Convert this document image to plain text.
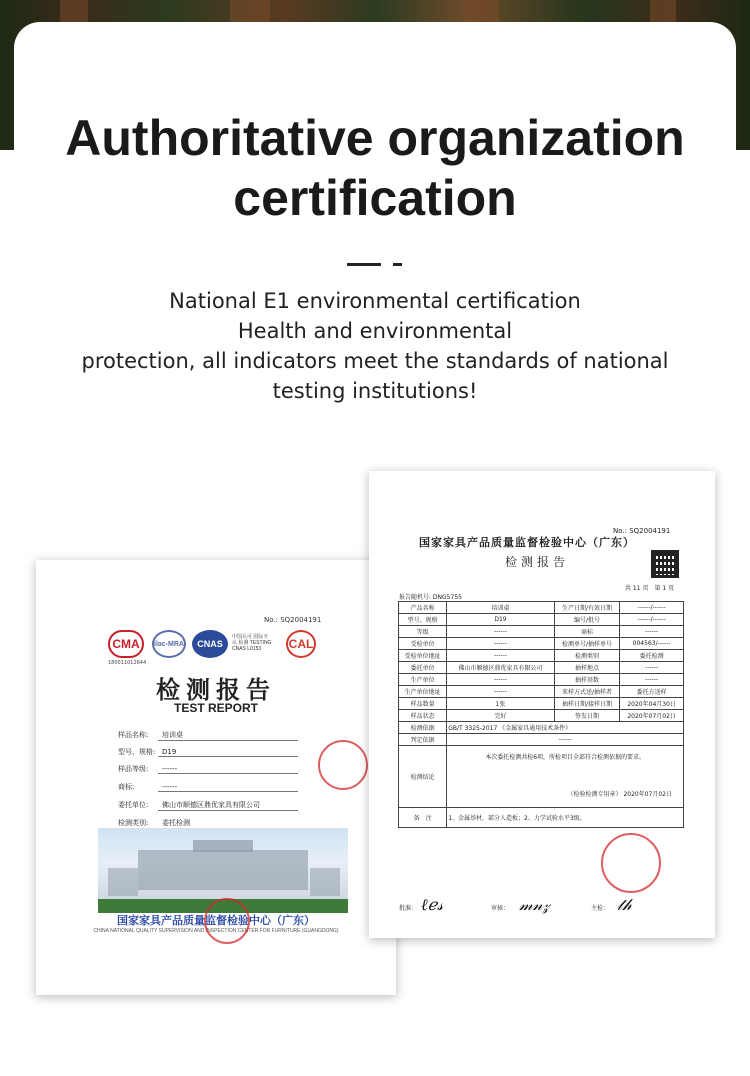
Authoritative organization
certification
National E1 environmental certification
Health and environmental
protection, all indicators meet the standards of national
testing institutions!
No.: SQ2004191
CMA	ilac-MRA	CNAS
中国认可 国际互认 检测 TESTING CNAS L0153	CAL
180011012644
检测报告
TEST REPORT
样品名称: 培训桌
型号、规格: D19
样品等级: ------
商标:	------
委托单位: 佛山市顺德区鼎优家具有限公司
检测类别: 委托检测
国家家具产品质量监督检验中心（广东）
CHINA NATIONAL QUALITY SUPERVISION AND INSPECTION CENTER FOR FURNITURE (GUANGDONG)
No.: SQ2004191
国家家具产品质量监督检验中心（广东）
检测报告
共 11 页　第 1 页
报告随机号: DNG5755
产品名称	培训桌	生产日期/有效日期	------/------
型号、规格	D19	编号/批号	------/------
等级	------	商标	------
受检单位	------	检测单号/抽样单号	004563/------
受检单位地址	------	检测类别	委托检测
委托单位	佛山市顺德区鼎优家具有限公司	抽样地点	------
生产单位	------	抽样基数	------
生产单位地址	------	来样方式送/抽样者	委托方送样
样品数量	1张	抽样日期/接样日期	2020年04月30日
样品状态	完好	签发日期	2020年07月02日
检测依据	GB/T 3325-2017 《金属家具通用技术条件》		
判定依据	------		
检测结论	本次委托检测共检6项，所检项目全部符合检测依据的要求。
（检验检测专用章） 2020年07月02日		

备　注	1、金属基材，部分人造板；2、力学试验水平3级。		
批准： ℓℯ𝓈	审核： 𝓂𝓃𝓏	主检： 𝓉𝒽
